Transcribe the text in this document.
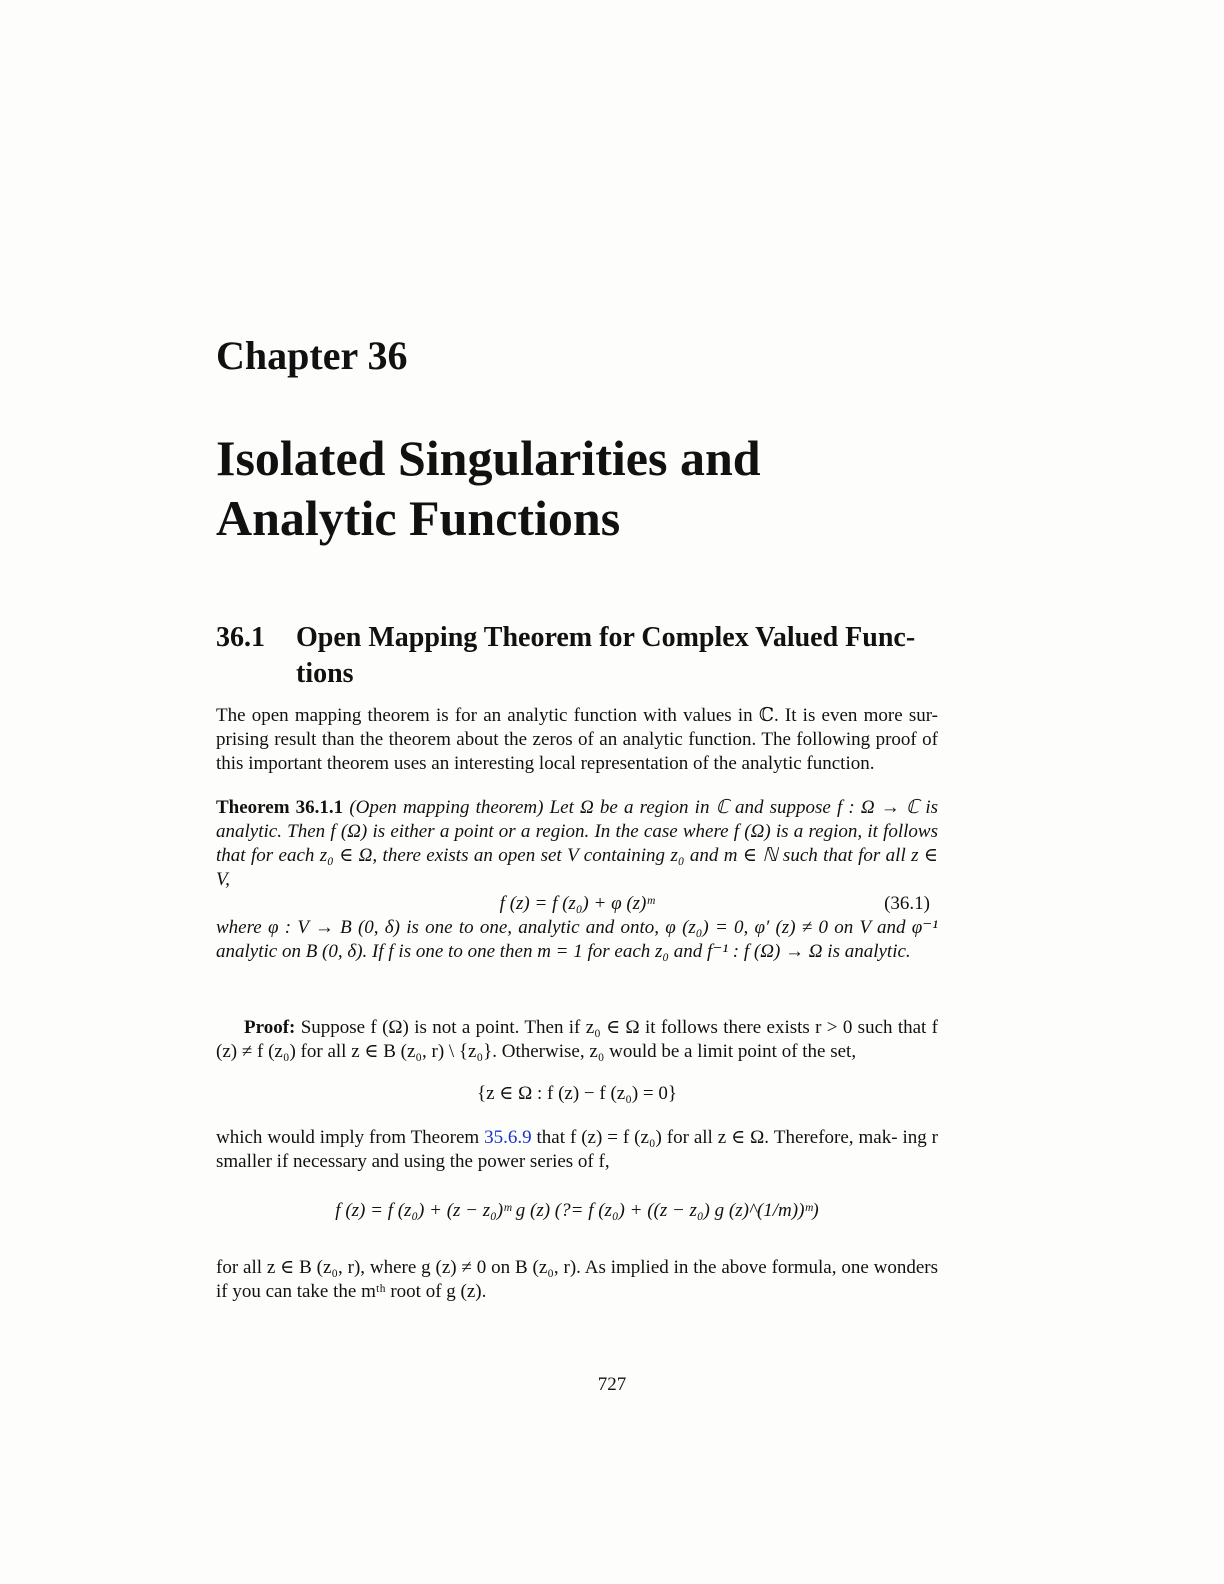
Chapter 36
Isolated Singularities and
Analytic Functions
36.1 Open Mapping Theorem for Complex Valued Func- tions

The open mapping theorem is for an analytic function with values in ℂ. It is even more sur- prising result than the theorem about the zeros of an analytic function. The following proof of this important theorem uses an interesting local representation of the analytic function.

Theorem 36.1.1 (Open mapping theorem) Let Ω be a region in ℂ and suppose f : Ω → ℂ is analytic. Then f (Ω) is either a point or a region. In the case where f (Ω) is a region, it follows that for each z₀ ∈ Ω, there exists an open set V containing z₀ and m ∈ ℕ such that for all z ∈ V,

f (z) = f (z₀) + φ (z)ᵐ	(36.1)

where φ : V → B (0, δ) is one to one, analytic and onto, φ (z₀) = 0, φ′ (z) ≠ 0 on V and φ⁻¹ analytic on B (0, δ). If f is one to one then m = 1 for each z₀ and f⁻¹ : f (Ω) → Ω is analytic.

Proof: Suppose f (Ω) is not a point. Then if z₀ ∈ Ω it follows there exists r > 0 such that f (z) ≠ f (z₀) for all z ∈ B (z₀, r) \ {z₀}. Otherwise, z₀ would be a limit point of the set,

{z ∈ Ω : f (z) − f (z₀) = 0}

which would imply from Theorem 35.6.9 that f (z) = f (z₀) for all z ∈ Ω. Therefore, mak- ing r smaller if necessary and using the power series of f,

f (z) = f (z₀) + (z − z₀)ᵐ g (z) (?= f (z₀) + ((z − z₀) g (z)^(1/m))ᵐ)

for all z ∈ B (z₀, r), where g (z) ≠ 0 on B (z₀, r). As implied in the above formula, one wonders if you can take the mᵗʰ root of g (z).

727
